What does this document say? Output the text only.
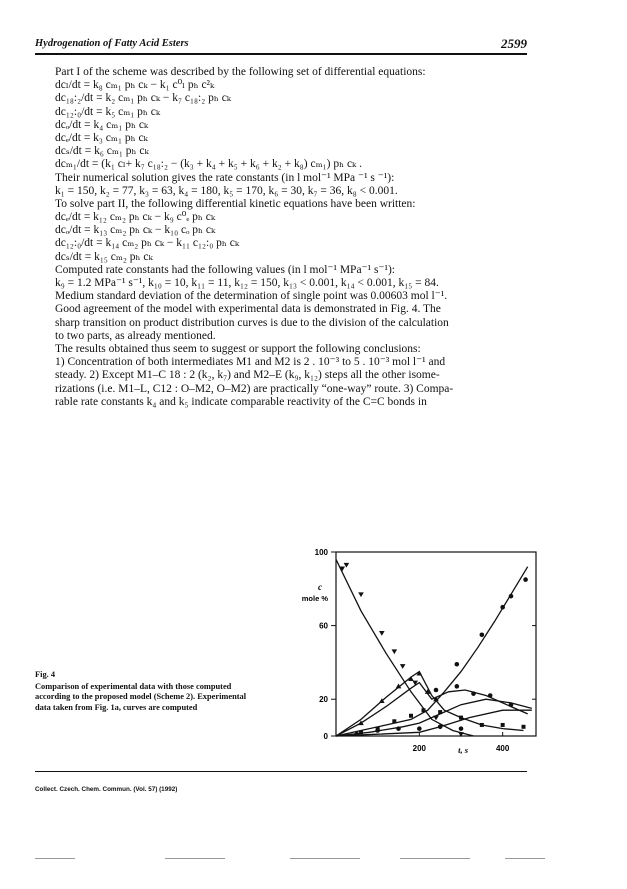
Hydrogenation of Fatty Acid Esters	2599
Part I of the scheme was described by the following set of differential equations:
dcₗ/dt = k₈ cₘ₁ pₕ cₖ − k₁ c⁰ₗ pₕ c²ₖ
dc₁₈:₂/dt = k₂ cₘ₁ pₕ cₖ − k₇ c₁₈:₂ pₕ cₖ
dc₁₂:₀/dt = k₅ cₘ₁ pₕ cₖ
dcₒ/dt = k₄ cₘ₁ pₕ cₖ
dcₑ/dt = k₃ cₘ₁ pₕ cₖ
dcₛ/dt = k₆ cₘ₁ pₕ cₖ
dcₘ₁/dt = (k₁ cₗ+ k₇ c₁₈:₂ − (k₃ + k₄ + k₅ + k₆ + k₂ + k₈) cₘ₁) pₕ cₖ .
Their numerical solution gives the rate constants (in l mol⁻¹ MPa ⁻¹ s ⁻¹):
k₁ = 150, k₂ = 77, k₃ = 63, k₄ = 180, k₅ = 170, k₆ = 30, k₇ = 36, k₈ < 0.001.
To solve part II, the following differential kinetic equations have been written:
dcₑ/dt = k₁₂ cₘ₂ pₕ cₖ − k₉ c⁰ₑ pₕ cₖ
dcₒ/dt = k₁₃ cₘ₂ pₕ cₖ − k₁₀ cₒ pₕ cₖ
dc₁₂:₀/dt = k₁₄ cₘ₂ pₕ cₖ − k₁₁ c₁₂:₀ pₕ cₖ
dcₛ/dt = k₁₅ cₘ₂ pₕ cₖ
Computed rate constants had the following values (in l mol⁻¹ MPa⁻¹ s⁻¹):
k₉ = 1.2 MPa⁻¹ s⁻¹, k₁₀ = 10, k₁₁ = 11, k₁₂ = 150, k₁₃ < 0.001, k₁₄ < 0.001, k₁₅ = 84.
Medium standard deviation of the determination of single point was 0.00603 mol l⁻¹.
Good agreement of the model with experimental data is demonstrated in Fig. 4. The
sharp transition on product distribution curves is due to the division of the calculation
to two parts, as already mentioned.
The results obtained thus seem to suggest or support the following conclusions:
1) Concentration of both intermediates M1 and M2 is 2 . 10⁻³ to 5 . 10⁻³ mol l⁻¹ and
steady. 2) Except M1–C 18 : 2 (k₂, k₇) and M2–E (k₉, k₁₂) steps all the other isome-
rizations (i.e. M1–L, C12 : O–M2, O–M2) are practically “one-way” route. 3) Compa-
rable rate constants k₄ and k₅ indicate comparable reactivity of the C=C bonds in
Fig. 4
Comparison of experimental data with those computed according to the proposed model (Scheme 2). Experimental data taken from Fig. 1a, curves are computed
100
60
20
0
200	400
c
mole %
t, s
Collect. Czech. Chem. Commun. (Vol. 57) (1992)
